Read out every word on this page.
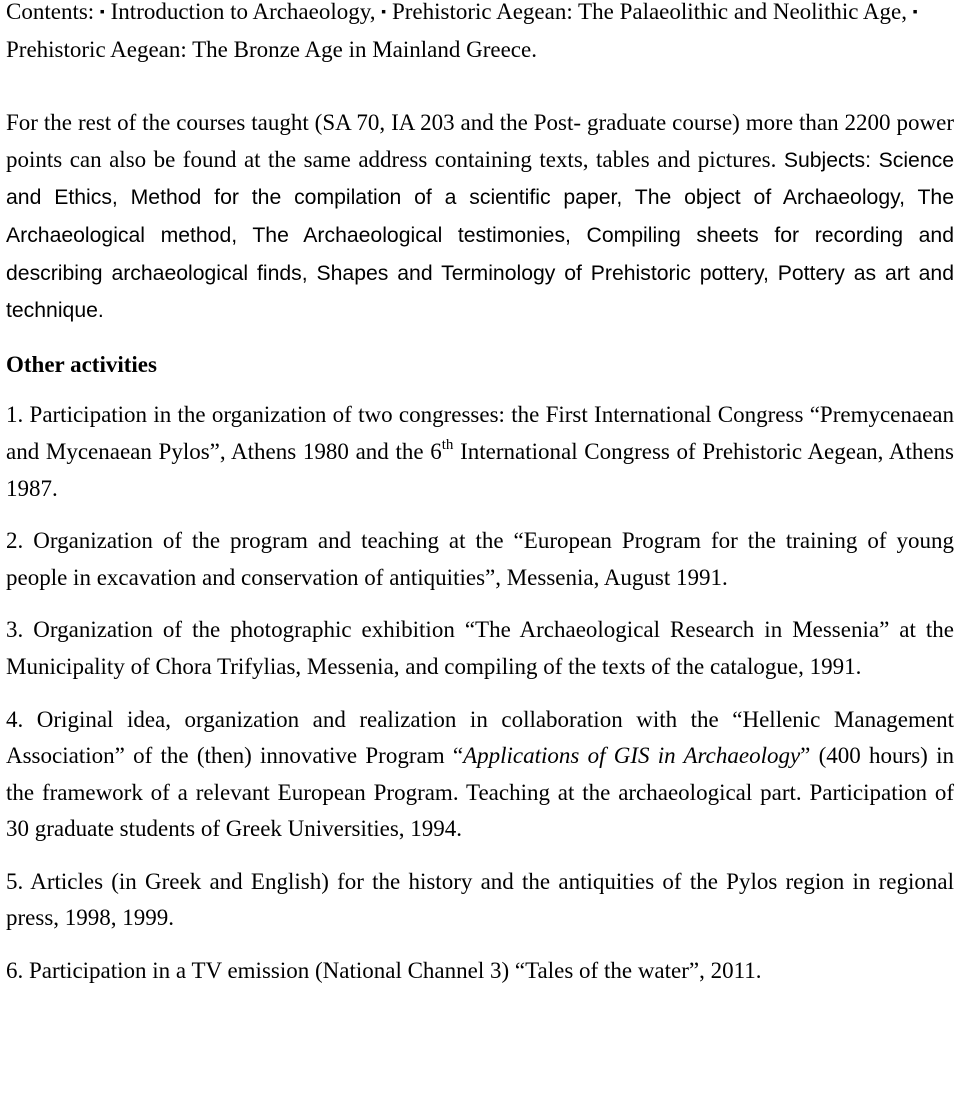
Contents: ▪ Introduction to Archaeology, ▪ Prehistoric Aegean: The Palaeolithic and Neolithic Age, ▪ Prehistoric Aegean: The Bronze Age in Mainland Greece.

For the rest of the courses taught (SA 70, IA 203 and the Post- graduate course) more than 2200 power points can also be found at the same address containing texts, tables and pictures. Subjects: Science and Ethics, Method for the compilation of a scientific paper, The object of Archaeology, The Archaeological method, The Archaeological testimonies, Compiling sheets for recording and describing archaeological finds, Shapes and Terminology of Prehistoric pottery, Pottery as art and technique.

Other activities

1. Participation in the organization of two congresses: the First International Congress “Premycenaean and Mycenaean Pylos”, Athens 1980 and the 6th International Congress of Prehistoric Aegean, Athens 1987.

2. Organization of the program and teaching at the “European Program for the training of young people in excavation and conservation of antiquities”, Messenia, August 1991.

3. Organization of the photographic exhibition “The Archaeological Research in Messenia” at the Municipality of Chora Trifylias, Messenia, and compiling of the texts of the catalogue, 1991.

4. Original idea, organization and realization in collaboration with the “Hellenic Management Association” of the (then) innovative Program “Applications of GIS in Archaeology” (400 hours) in the framework of a relevant European Program. Teaching at the archaeological part. Participation of 30 graduate students of Greek Universities, 1994.

5. Articles (in Greek and English) for the history and the antiquities of the Pylos region in regional press, 1998, 1999.

6. Participation in a TV emission (National Channel 3) “Tales of the water”, 2011.
